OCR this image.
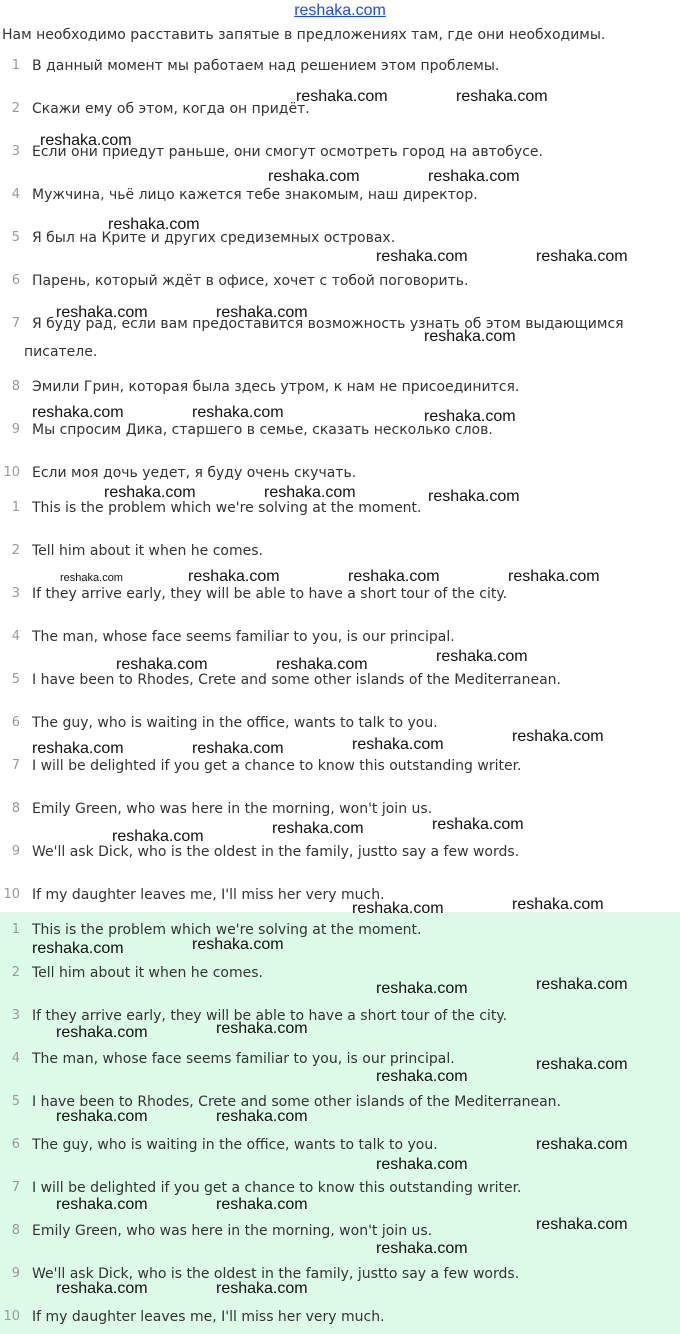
reshaka.com
Нам необходимо расставить запятые в предложениях там, где они необходимы.
1 В данный момент мы работаем над решением этом проблемы.
2 Скажи ему об этом, когда он придёт.
3 Если они приедут раньше, они смогут осмотреть город на автобусе.
4 Мужчина, чьё лицо кажется тебе знакомым, наш директор.
5 Я был на Крите и других средиземных островах.
6 Парень, который ждёт в офисе, хочет с тобой поговорить.
7 Я буду рад, если вам предоставится возможность узнать об этом выдающимся
писателе.
8 Эмили Грин, которая была здесь утром, к нам не присоединится.
9 Мы спросим Дика, старшего в семье, сказать несколько слов.
10 Если моя дочь уедет, я буду очень скучать.
1 This is the problem which we're solving at the moment.
2 Tell him about it when he comes.
3 If they arrive early, they will be able to have a short tour of the city.
4 The man, whose face seems familiar to you, is our principal.
5 I have been to Rhodes, Crete and some other islands of the Mediterranean.
6 The guy, who is waiting in the office, wants to talk to you.
7 I will be delighted if you get a chance to know this outstanding writer.
8 Emily Green, who was here in the morning, won't join us.
9 We'll ask Dick, who is the oldest in the family, justto say a few words.
10 If my daughter leaves me, I'll miss her very much.
1 This is the problem which we're solving at the moment.
2 Tell him about it when he comes.
3 If they arrive early, they will be able to have a short tour of the city.
4 The man, whose face seems familiar to you, is our principal.
5 I have been to Rhodes, Crete and some other islands of the Mediterranean.
6 The guy, who is waiting in the office, wants to talk to you.
7 I will be delighted if you get a chance to know this outstanding writer.
8 Emily Green, who was here in the morning, won't join us.
9 We'll ask Dick, who is the oldest in the family, justto say a few words.
10 If my daughter leaves me, I'll miss her very much.
reshaka.com	reshaka.com
reshaka.com
reshaka.com	reshaka.com
reshaka.com
reshaka.com	reshaka.com
reshaka.com	reshaka.com
reshaka.com
reshaka.com	reshaka.com	reshaka.com
reshaka.com	reshaka.com	reshaka.com
reshaka.com	reshaka.com	reshaka.com	reshaka.com
reshaka.com	reshaka.com	reshaka.com
reshaka.com	reshaka.com	reshaka.com	reshaka.com
reshaka.com	reshaka.com	reshaka.com
reshaka.com	reshaka.com
reshaka.com	reshaka.com
reshaka.com	reshaka.com
reshaka.com	reshaka.com
reshaka.com
reshaka.com
reshaka.com	reshaka.com
reshaka.com
reshaka.com
reshaka.com	reshaka.com
reshaka.com
reshaka.com
reshaka.com	reshaka.com
